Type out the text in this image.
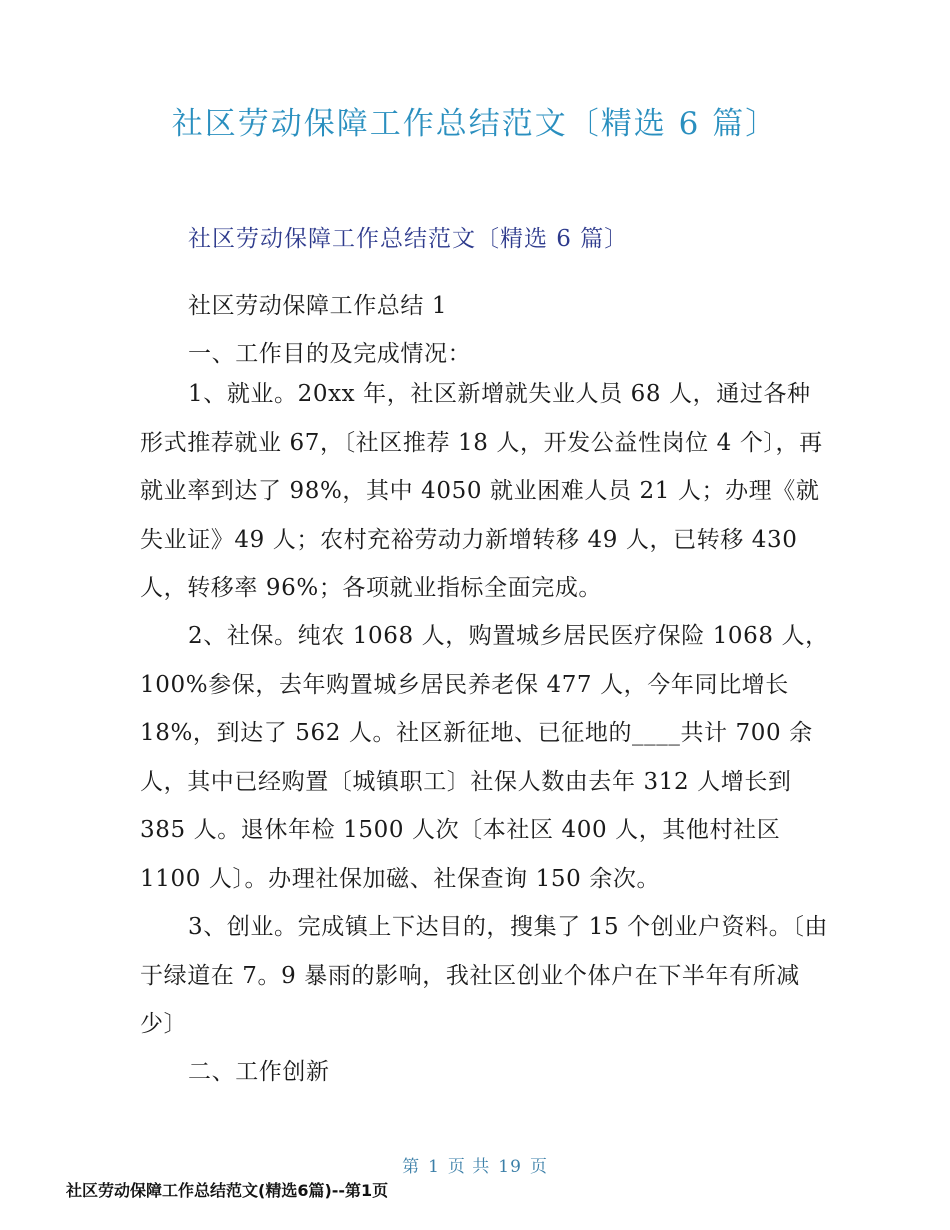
社区劳动保障工作总结范文〔精选 6 篇〕

社区劳动保障工作总结范文〔精选 6 篇〕

社区劳动保障工作总结 1

一、工作目的及完成情况：

1、就业。20xx 年，社区新增就失业人员 68 人，通过各种形式推荐就业 67，〔社区推荐 18 人，开发公益性岗位 4 个〕，再就业率到达了 98%，其中 4050 就业困难人员 21 人；办理《就失业证》49 人；农村充裕劳动力新增转移 49 人，已转移 430 人，转移率 96%；各项就业指标全面完成。

2、社保。纯农 1068 人，购置城乡居民医疗保险 1068 人，100%参保，去年购置城乡居民养老保 477 人，今年同比增长 18%，到达了 562 人。社区新征地、已征地的____共计 700 余人，其中已经购置〔城镇职工〕社保人数由去年 312 人增长到 385 人。退休年检 1500 人次〔本社区 400 人，其他村社区 1100 人〕。办理社保加磁、社保查询 150 余次。

3、创业。完成镇上下达目的，搜集了 15 个创业户资料。〔由于绿道在 7。9 暴雨的影响，我社区创业个体户在下半年有所减少〕

二、工作创新

第 1 页 共 19 页
社区劳动保障工作总结范文(精选6篇)--第1页
